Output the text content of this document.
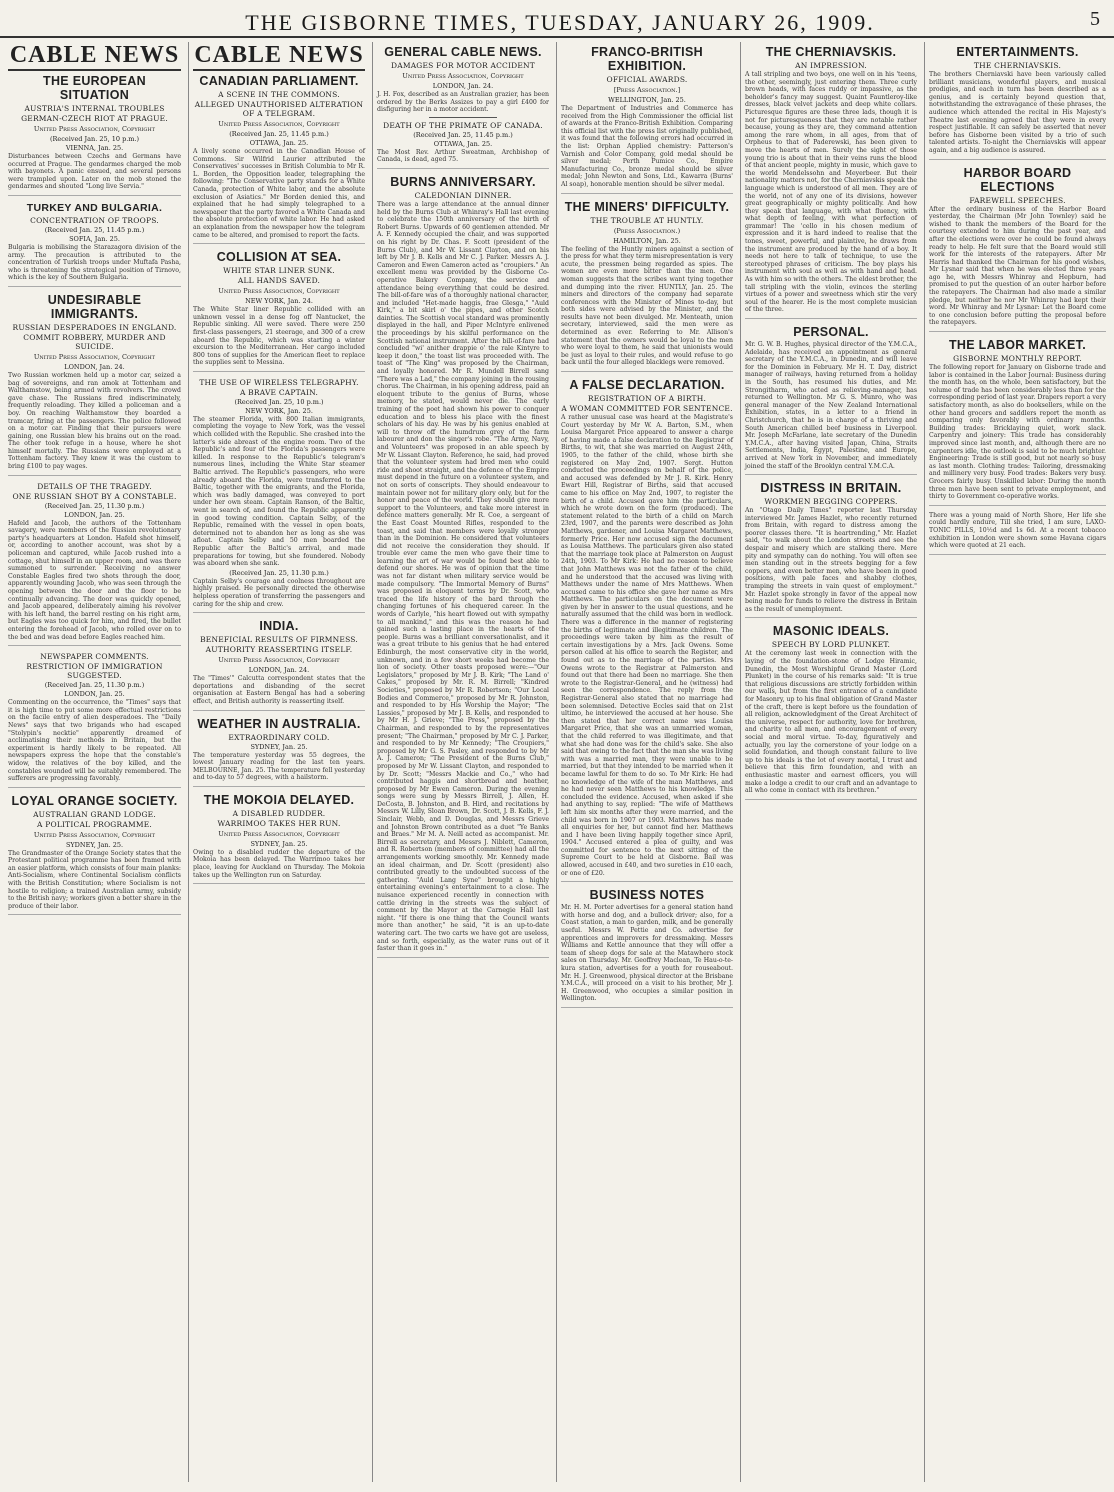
THE GISBORNE TIMES, TUESDAY, JANUARY 26, 1909.	5
CABLE NEWS
THE EUROPEAN SITUATION
AUSTRIA'S INTERNAL TROUBLES
GERMAN-CZECH RIOT AT PRAGUE.
United Press Association, Copyright
(Received Jan. 25, 10 p.m.)
VIENNA, Jan. 25.
Disturbances between Czechs and Germans have occurred at Prague. The gendarmes charged the mob with bayonets. A panic ensued, and several persons were trampled upon. Later on the mob stoned the gendarmes and shouted "Long live Servia."
TURKEY AND BULGARIA.
CONCENTRATION OF TROOPS.
(Received Jan. 25, 11.45 p.m.)
SOFIA, Jan. 25.
Bulgaria is mobilising the Starazagora division of the army. The precaution is attributed to the concentration of Turkish troops under Muftafa Pasha, who is threatening the strategical position of Tirnovo, which is the key of Southern Bulgaria.
UNDESIRABLE IMMIGRANTS.
RUSSIAN DESPERADOES IN ENGLAND.
COMMIT ROBBERY, MURDER AND SUICIDE.
United Press Association, Copyright
LONDON, Jan. 24.
Two Russian workmen held up a motor car, seized a bag of sovereigns, and ran amok at Tottenham and Walthamstow, being armed with revolvers. The crowd gave chase. The Russians fired indiscriminately, frequently reloading. They killed a policeman and a boy. On reaching Walthamstow they boarded a tramcar, firing at the passengers. The police followed on a motor car. Finding that their pursuers were gaining, one Russian blew his brains out on the road. The other took refuge in a house, where he shot himself mortally. The Russians were employed at a Tottenham factory. They knew it was the custom to bring £100 to pay wages.
DETAILS OF THE TRAGEDY.
ONE RUSSIAN SHOT BY A CONSTABLE.
(Received Jan. 25, 11.30 p.m.)
LONDON, Jan. 25.
Hafeld and Jacob, the authors of the Tottenham savagery, were members of the Russian revolutionary party's headquarters at London. Hafeld shot himself, or, according to another account, was shot by a policeman and captured, while Jacob rushed into a cottage, shut himself in an upper room, and was there summoned to surrender. Receiving no answer Constable Eagles fired two shots through the door, apparently wounding Jacob, who was seen through the opening between the door and the floor to be continually advancing. The door was quickly opened, and Jacob appeared, deliberately aiming his revolver with his left hand, the barrel resting on his right arm, but Eagles was too quick for him, and fired, the bullet entering the forehead of Jacob, who rolled over on to the bed and was dead before Eagles reached him.
NEWSPAPER COMMENTS.
RESTRICTION OF IMMIGRATION SUGGESTED.
(Received Jan. 25, 11.30 p.m.)
LONDON, Jan. 25.
Commenting on the occurrence, the "Times" says that it is high time to put some more effectual restrictions on the facile entry of alien desperadoes. The "Daily News" says that two brigands who had escaped "Stolypin's necktie" apparently dreamed of acclimatising their methods in Britain, but the experiment is hardly likely to be repeated. All newspapers express the hope that the constable's widow, the relatives of the boy killed, and the constables wounded will be suitably remembered. The sufferers are progressing favorably.
LOYAL ORANGE SOCIETY.
AUSTRALIAN GRAND LODGE.
A POLITICAL PROGRAMME.
United Press Association, Copyright
SYDNEY, Jan. 25.
The Grandmaster of the Orange Society states that the Protestant political programme has been framed with an easier platform, which consists of four main planks: Anti-Socialism, where Continental Socialism conflicts with the British Constitution; where Socialism is not hostile to religion; a trained Australian army, subsidy to the British navy; workers given a better share in the produce of their labor.
CABLE NEWS
CANADIAN PARLIAMENT.
A SCENE IN THE COMMONS.
ALLEGED UNAUTHORISED ALTERATION OF A TELEGRAM.
United Press Association, Copyright
(Received Jan. 25, 11.45 p.m.)
OTTAWA, Jan. 25.
A lively scene occurred in the Canadian House of Commons. Sir Wilfrid Laurier attributed the Conservatives' successes in British Columbia to Mr R. L. Borden, the Opposition leader, telegraphing the following: "The Conservative party stands for a White Canada, protection of White labor, and the absolute exclusion of Asiatics." Mr Borden denied this, and explained that he had simply telegraphed to a newspaper that the party favored a White Canada and the absolute protection of white labor. He had asked an explanation from the newspaper how the telegram came to be altered, and promised to report the facts.
COLLISION AT SEA.
WHITE STAR LINER SUNK.
ALL HANDS SAVED.
United Press Association, Copyright
NEW YORK, Jan. 24.
The White Star liner Republic collided with an unknown vessel in a dense fog off Nantucket, the Republic sinking. All were saved. There were 250 first-class passengers, 21 steerage, and 300 of a crew aboard the Republic, which was starting a winter excursion to the Mediterranean. Her cargo included 800 tons of supplies for the American fleet to replace the supplies sent to Messina.
THE USE OF WIRELESS TELEGRAPHY.
A BRAVE CAPTAIN.
(Received Jan. 25, 10 p.m.)
NEW YORK, Jan. 25.
The steamer Florida, with 800 Italian immigrants, completing the voyage to New York, was the vessel which collided with the Republic. She crashed into the latter's side abreast of the engine room. Two of the Republic's and four of the Florida's passengers were killed. In response to the Republic's telegram's numerous lines, including the White Star steamer Baltic arrived. The Republic's passengers, who were already aboard the Florida, were transferred to the Baltic, together with the emigrants, and the Florida, which was badly damaged, was conveyed to port under her own steam. Captain Ranson, of the Baltic, went in search of, and found the Republic apparently in good towing condition. Captain Selby, of the Republic, remained with the vessel in open boats, determined not to abandon her as long as she was afloat. Captain Selby and 50 men boarded the Republic after the Baltic's arrival, and made preparations for towing, but she foundered. Nobody was aboard when she sank.
(Received Jan. 25, 11.30 p.m.)
Captain Selby's courage and coolness throughout are highly praised. He personally directed the otherwise helpless operation of transferring the passengers and caring for the ship and crew.
INDIA.
BENEFICIAL RESULTS OF FIRMNESS.
AUTHORITY REASSERTING ITSELF.
United Press Association, Copyright
LONDON, Jan. 24.
The "Times'" Calcutta correspondent states that the deportations and disbanding of the secret organisation at Eastern Bengal has had a sobering effect, and British authority is reasserting itself.
WEATHER IN AUSTRALIA.
EXTRAORDINARY COLD.
SYDNEY, Jan. 25.
The temperature yesterday was 55 degrees, the lowest January reading for the last ten years. MELBOURNE, Jan. 25. The temperature fell yesterday and to-day to 57 degrees, with a hailstorm.
THE MOKOIA DELAYED.
A DISABLED RUDDER.
WARRIMOO TAKES HER RUN.
United Press Association, Copyright
SYDNEY, Jan. 25.
Owing to a disabled rudder the departure of the Mokoia has been delayed. The Warrimoo takes her place, leaving for Auckland on Thursday. The Mokoia takes up the Wellington run on Saturday.
GENERAL CABLE NEWS.
DAMAGES FOR MOTOR ACCIDENT
United Press Association, Copyright
LONDON, Jan. 24.
J. H. Fox, described as an Australian grazier, has been ordered by the Berks Assizes to pay a girl £400 for disfiguring her in a motor accident.
DEATH OF THE PRIMATE OF CANADA.
(Received Jan. 25, 11.45 p.m.)
OTTAWA, Jan. 25.
The Most Rev. Arthur Sweatman, Archbishop of Canada, is dead, aged 75.
BURNS ANNIVERSARY.
CALEDONIAN DINNER.
There was a large attendance at the annual dinner held by the Burns Club at Whinray's Hall last evening to celebrate the 150th anniversary of the birth of Robert Burns. Upwards of 60 gentlemen attended. Mr A. F. Kennedy occupied the chair, and was supported on his right by Dr. Chas. F. Scott (president of the Burns Club), and Mr W. Lissant Clayton, and on his left by Mr J. B. Kells and Mr C. J. Parker. Messrs A. J. Cameron and Ewen Cameron acted as "croupiers." An excellent menu was provided by the Gisborne Co-operative Bakery Company, the service and attendance being everything that could be desired. The bill-of-fare was of a thoroughly national character, and included "Het-made haggis, frae Glesga," "Auld Kirk," a bit skirl o' the pipes, and other Scotch dainties. The Scottish vocal standard was prominently displayed in the hall, and Piper McIntyre enlivened the proceedings by his skilful performance on the Scottish national instrument. After the bill-of-fare had concluded "wi' anither drappie o' the rale Kintyre to keep it doon," the toast list was proceeded with. The toast of "The King" was proposed by the Chairman, and loyally honored. Mr R. Mundell Birrell sang "There was a Lad," the company joining in the rousing chorus. The Chairman, in his opening address, paid an eloquent tribute to the genius of Burns, whose memory, he stated, would never die. The early training of the poet had shown his power to conquer education and to bless his place with the finest scholars of his day. He was by his genius enabled at will to throw off the humdrum grey of the farm labourer and don the singer's robe. "The Army, Navy, and Volunteers" was proposed in an able speech by Mr W. Lissant Clayton. Reference, he said, had proved that the volunteer system had bred men who could ride and shoot straight, and the defence of the Empire must depend in the future on a volunteer system, and not on sorts of conscripts. They should endeavour to maintain power not for military glory only, but for the honor and peace of the world. They should give more support to the Volunteers, and take more interest in defence matters generally. Mr R. Coe, a sergeant of the East Coast Mounted Rifles, responded to the toast, and said that members were loyally stronger than in the Dominion. He considered that volunteers did not receive the consideration they should. If trouble ever came the men who gave their time to learning the art of war would be found best able to defend our shores. He was of opinion that the time was not far distant when military service would be made compulsory. "The Immortal Memory of Burns" was proposed in eloquent terms by Dr. Scott, who traced the life history of the bard through the changing fortunes of his chequered career. In the words of Carlyle, "his heart flowed out with sympathy to all mankind," and this was the reason he had gained such a lasting place in the hearts of the people. Burns was a brilliant conversationalist, and it was a great tribute to his genius that he had entered Edinburgh, the most conservative city in the world, unknown, and in a few short weeks had become the lion of society. Other toasts proposed were:—"Our Legislators," proposed by Mr J. B. Kirk; "The Land o' Cakes," proposed by Mr. R. M. Birrell; "Kindred Societies," proposed by Mr R. Robertson; "Our Local Bodies and Commerce," proposed by Mr R. Johnston, and responded to by His Worship the Mayor; "The Lassies," proposed by Mr J. B. Kells, and responded to by Mr H. J. Grieve; "The Press," proposed by the Chairman, and responded to by the representatives present; "The Chairman," proposed by Mr C. J. Parker, and responded to by Mr Kennedy; "The Croupiers," proposed by Mr G. S. Pasley, and responded to by Mr A. J. Cameron; "The President of the Burns Club," proposed by Mr W. Lissant Clayton, and responded to by Dr. Scott; "Messrs Mackie and Co.," who had contributed haggis and shortbread and heather, proposed by Mr Ewen Cameron. During the evening songs were sung by Messrs Birrell, J. Allen, H. DeCosta, B. Johnston, and B. Hird, and recitations by Messrs W. Lilly, Sloan Brown, Dr. Scott, J. B. Kells, F. J. Sinclair, Webb, and D. Douglas, and Messrs Grieve and Johnston Brown contributed as a duet "Ye Banks and Braes." Mr M. A. Neill acted as accompanist. Mr. Birrell as secretary, and Messrs J. Niblett, Cameron, and R. Robertson (members of committee) had all the arrangements working smoothly. Mr. Kennedy made an ideal chairman, and Dr. Scott (president) also contributed greatly to the undoubted success of the gathering. "Auld Lang Syne" brought a highly entertaining evening's entertainment to a close. The nuisance experienced recently in connection with cattle driving in the streets was the subject of comment by the Mayor at the Carnegie Hall last night. "If there is one thing that the Council wants more than another," he said, "it is an up-to-date watering cart. The two carts we have got are useless, and so forth, especially, as the water runs out of it faster than it goes in."
FRANCO-BRITISH EXHIBITION.
OFFICIAL AWARDS.
[Press Association.]
WELLINGTON, Jan. 25.
The Department of Industries and Commerce has received from the High Commissioner the official list of awards at the Franco-British Exhibition. Comparing this official list with the press list originally published, it was found that the following errors had occurred in the list: Orphan Applied chemistry: Patterson's Varnish and Color Company, gold medal should be silver medal; Perth Pumice Co., Empire Manufacturing Co., bronze medal should be silver medal; John Newton and Sons, Ltd., Kawarra (Burns' Al soap), honorable mention should be silver medal.
THE MINERS' DIFFICULTY.
THE TROUBLE AT HUNTLY.
(Press Association.)
HAMILTON, Jan. 25.
The feeling of the Huntly miners against a section of the press for what they term misrepresentation is very acute, the pressmen being regarded as spies. The women are even more bitter than the men. One woman suggests that the scribes want tying together and dumping into the river. HUNTLY, Jan. 25. The miners and directors of the company had separate conferences with the Minister of Mines to-day, but both sides were advised by the Minister, and the results have not been divulged. Mr. Menteath, union secretary, interviewed, said the men were as determined as ever. Referring to Mr. Allison's statement that the owners would be loyal to the men who were loyal to them, he said that unionists would be just as loyal to their rules, and would refuse to go back until the four alleged blacklegs were removed.
A FALSE DECLARATION.
REGISTRATION OF A BIRTH.
A WOMAN COMMITTED FOR SENTENCE.
A rather unusual case was heard at the Magistrate's Court yesterday by Mr W. A. Barton, S.M., when Louisa Margaret Price appeared to answer a charge of having made a false declaration to the Registrar of Births, to wit, that she was married on August 24th, 1905, to the father of the child, whose birth she registered on May 2nd, 1907. Sergt. Hutton conducted the proceedings on behalf of the police, and accused was defended by Mr J. R. Kirk. Henry Ewart Hill, Registrar of Births, said that accused came to his office on May 2nd, 1907, to register the birth of a child. Accused gave him the particulars, which he wrote down on the form (produced). The statement related to the birth of a child on March 23rd, 1907, and the parents were described as John Matthews, gardener, and Louisa Margaret Matthews, formerly Price. Her now accused sign the document as Louisa Matthews. The particulars given also stated that the marriage took place at Palmerston on August 24th, 1903. To Mr Kirk: He had no reason to believe that John Matthews was not the father of the child, and he understood that the accused was living with Matthews under the name of Mrs Matthews. When accused came to his office she gave her name as Mrs Matthews. The particulars on the document were given by her in answer to the usual questions, and he naturally assumed that the child was born in wedlock. There was a difference in the manner of registering the births of legitimate and illegitimate children. The proceedings were taken by him as the result of certain investigations by a Mrs. Jack Owens. Some person called at his office to search the Register, and found out as to the marriage of the parties. Mrs Owens wrote to the Registrar at Palmerston and found out that there had been no marriage. She then wrote to the Registrar-General, and he (witness) had seen the correspondence. The reply from the Registrar-General also stated that no marriage had been solemnised. Detective Eccles said that on 21st ultimo, he interviewed the accused at her house. She then stated that her correct name was Louisa Margaret Price, that she was an unmarried woman, that the child referred to was illegitimate, and that what she had done was for the child's sake. She also said that owing to the fact that the man she was living with was a married man, they were unable to be married, but that they intended to be married when it became lawful for them to do so. To Mr Kirk: He had no knowledge of the wife of the man Matthews, and he had never seen Matthews to his knowledge. This concluded the evidence. Accused, when asked if she had anything to say, replied: "The wife of Matthews left him six months after they were married, and the child was born in 1907 or 1903. Matthews has made all enquiries for her, but cannot find her. Matthews and I have been living happily together since April, 1904." Accused entered a plea of guilty, and was committed for sentence to the next sitting of the Supreme Court to be held at Gisborne. Bail was allowed, accused in £40, and two sureties in £10 each, or one of £20.
BUSINESS NOTES
Mr. H. M. Porter advertises for a general station hand with horse and dog, and a bullock driver; also, for a Coast station, a man to garden, milk, and be generally useful. Messrs W. Pettie and Co. advertise for apprentices and improvers for dressmaking. Messrs Williams and Kettle announce that they will offer a team of sheep dogs for sale at the Matawhero stock sales on Thursday. Mr. Geoffrey Maclean, Te Hau-o-te-kura station, advertises for a youth for rouseabout. Mr. H. J. Greenwood, physical director at the Brisbane Y.M.C.A., will proceed on a visit to his brother, Mr J. H. Greenwood, who occupies a similar position in Wellington.
THE CHERNIAVSKIS.
AN IMPRESSION.
A tall stripling and two boys, one well on in his 'teens, the other, seemingly, just entering them. Three curly brown heads, with faces ruddy or impassive, as the beholder's fancy may suggest. Quaint Fauntleroy-like dresses, black velvet jackets and deep white collars. Picturesque figures are these three lads, though it is not for picturesqueness that they are notable rather because, young as they are, they command attention among the rare whom, in all ages, from that of Orpheus to that of Paderewski, has been given to move the hearts of men. Surely the sight of those young trio is about that in their veins runs the blood of that ancient people, mighty in music, which gave to the world Mendelssohn and Meyerbeer. But their nationality matters not, for the Cherniavskis speak the language which is understood of all men. They are of the world, not of any one of its divisions, however great geographically or mighty politically. And how they speak that language, with what fluency, with what depth of feeling, with what perfection of grammar! The 'cello in his chosen medium of expression and it is hard indeed to realise that the tones, sweet, powerful, and plaintive, he draws from the instrument are produced by the hand of a boy. It needs not here to talk of technique, to use the stereotyped phrases of criticism. The boy plays his instrument with soul as well as with hand and head. As with him so with the others. The eldest brother, the tall stripling with the violin, evinces the sterling virtues of a power and sweetness which stir the very soul of the hearer. He is the most complete musician of the three.
PERSONAL.
Mr. G. W. B. Hughes, physical director of the Y.M.C.A., Adelaide, has received an appointment as general secretary of the Y.M.C.A., in Dunedin, and will leave for the Dominion in February. Mr H. T. Day, district manager of railways, having returned from a holiday in the South, has resumed his duties, and Mr. Strongitharm, who acted as relieving-manager, has returned to Wellington. Mr G. S. Munro, who was general manager of the New Zealand International Exhibition, states, in a letter to a friend in Christchurch, that he is in charge of a thriving and South American chilled beef business in Liverpool. Mr. Joseph McFarlane, late secretary of the Dunedin Y.M.C.A., after having visited Japan, China, Straits Settlements, India, Egypt, Palestine, and Europe, arrived at New York in November, and immediately joined the staff of the Brooklyn central Y.M.C.A.
DISTRESS IN BRITAIN.
WORKMEN BEGGING COPPERS.
An "Otago Daily Times" reporter last Thursday interviewed Mr. James Hazlet, who recently returned from Britain, with regard to distress among the poorer classes there. "It is heartrending," Mr. Hazlet said, "to walk about the London streets and see the despair and misery which are stalking there. Mere pity and sympathy can do nothing. You will often see men standing out in the streets begging for a few coppers, and even better men, who have been in good positions, with pale faces and shabby clothes, tramping the streets in vain quest of employment." Mr. Hazlet spoke strongly in favor of the appeal now being made for funds to relieve the distress in Britain as the result of unemployment.
MASONIC IDEALS.
SPEECH BY LORD PLUNKET.
At the ceremony last week in connection with the laying of the foundation-stone of Lodge Hiramic, Dunedin, the Most Worshipful Grand Master (Lord Plunket) in the course of his remarks said: "It is true that religious discussions are strictly forbidden within our walls, but from the first entrance of a candidate for Masonry, up to his final obligation of Grand Master of the craft, there is kept before us the foundation of all religion, acknowledgment of the Great Architect of the universe, respect for authority, love for brethren, and charity to all men, and encouragement of every social and moral virtue. To-day, figuratively and actually, you lay the cornerstone of your lodge on a solid foundation, and though constant failure to live up to his ideals is the lot of every mortal, I trust and believe that this firm foundation, and with an enthusiastic master and earnest officers, you will make a lodge a credit to our craft and an advantage to all who come in contact with its brethren."
ENTERTAINMENTS.
THE CHERNIAVSKIS.
The brothers Cherniavski have been variously called brilliant musicians, wonderful players, and musical prodigies, and each in turn has been described as a genius, and is certainly beyond question that, notwithstanding the extravagance of these phrases, the audience which attended the recital in His Majesty's Theatre last evening agreed that they were in every respect justifiable. It can safely be asserted that never before has Gisborne been visited by a trio of such talented artists. To-night the Cherniavskis will appear again, and a big audience is assured.
HARBOR BOARD ELECTIONS
FAREWELL SPEECHES.
After the ordinary business of the Harbor Board yesterday, the Chairman (Mr John Townley) said he wished to thank the members of the Board for the courtesy extended to him during the past year, and after the elections were over he could be found always ready to help. He felt sure that the Board would still work for the interests of the ratepayers. After Mr Harris had thanked the Chairman for his good wishes, Mr Lysnar said that when he was elected three years ago he, with Messrs Whinray and Hepburn, had promised to put the question of an outer harbor before the ratepayers. The Chairman had also made a similar pledge, but neither he nor Mr Whinray had kept their word. Mr Whinray and Mr Lysnar: Let the Board come to one conclusion before putting the proposal before the ratepayers.
THE LABOR MARKET.
GISBORNE MONTHLY REPORT.
The following report for January on Gisborne trade and labor is contained in the Labor Journal: Business during the month has, on the whole, been satisfactory, but the volume of trade has been considerably less than for the corresponding period of last year. Drapers report a very satisfactory month, as also do booksellers, while on the other hand grocers and saddlers report the month as comparing only favorably with ordinary months. Building trades: Bricklaying quiet, work slack. Carpentry and joinery: This trade has considerably improved since last month, and, although there are no carpenters idle, the outlook is said to be much brighter. Engineering: Trade is still good, but not nearly so busy as last month. Clothing trades: Tailoring, dressmaking and millinery very busy. Food trades: Bakers very busy. Grocers fairly busy. Unskilled labor: During the month three men have been sent to private employment, and thirty to Government co-operative works.
There was a young maid of North Shore, Her life she could hardly endure, Till she tried, I am sure, LAXO-TONIC PILLS, 10½d and 1s 6d. At a recent tobacco exhibition in London were shown some Havana cigars which were quoted at 21 each.
